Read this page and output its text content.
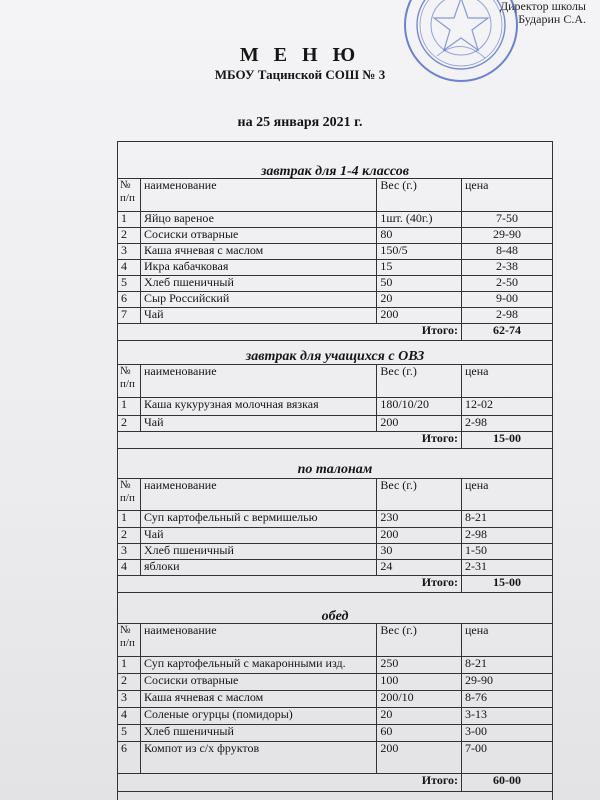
Директор школы
Бударин С.А.
М Е Н Ю
МБОУ Тацинской СОШ № 3
на 25 января 2021 г.
завтрак для 1-4 классов
№ п/п	наименование	Вес (г.)	цена
1	Яйцо вареное	1шт. (40г.)	7-50
2	Сосиски отварные	80	29-90
3	Каша ячневая с маслом	150/5	8-48
4	Икра кабачковая	15	2-38
5	Хлеб пшеничный	50	2-50
6	Сыр Российский	20	9-00
7	Чай	200	2-98
Итого:			62-74
завтрак для учащихся с ОВЗ
№ п/п	наименование	Вес (г.)	цена
1	Каша кукурузная молочная вязкая	180/10/20	12-02
2	Чай	200	2-98
Итого:			15-00
по талонам
№ п/п	наименование	Вес (г.)	цена
1	Суп картофельный с вермишелью	230	8-21
2	Чай	200	2-98
3	Хлеб пшеничный	30	1-50
4	яблоки	24	2-31
Итого:			15-00
обед
№ п/п	наименование	Вес (г.)	цена
1	Суп картофельный с макаронными изд.	250	8-21
2	Сосиски отварные	100	29-90
3	Каша ячневая с маслом	200/10	8-76
4	Соленые огурцы (помидоры)	20	3-13
5	Хлеб пшеничный	60	3-00
6	Компот из с/х фруктов	200	7-00
Итого:			60-00
